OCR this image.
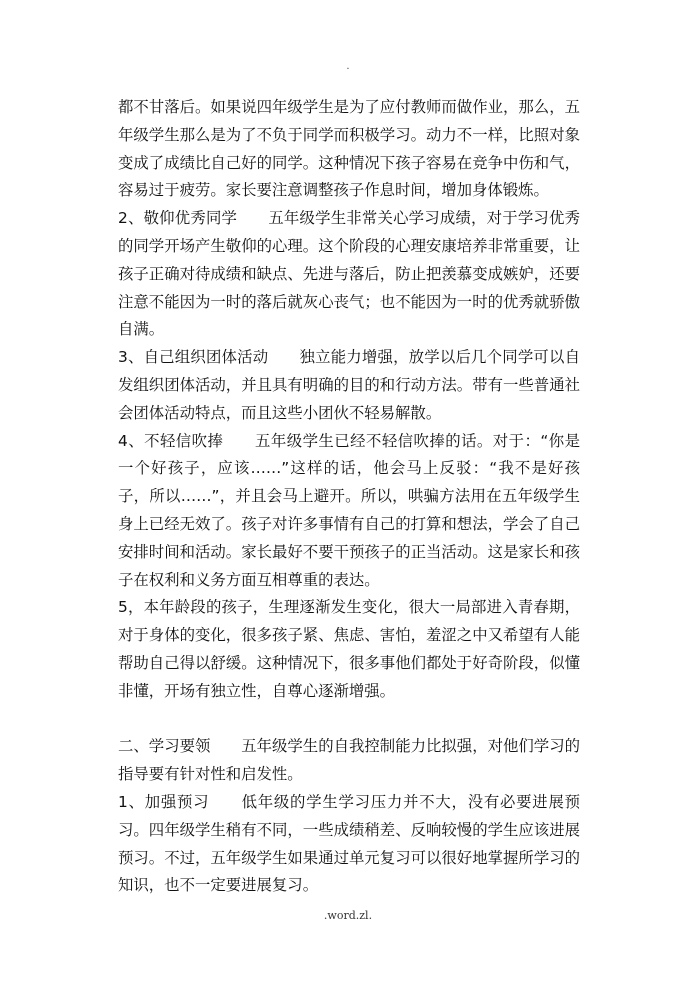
.

都不甘落后。如果说四年级学生是为了应付教师而做作业，那么，五年级学生那么是为了不负于同学而积极学习。动力不一样，比照对象变成了成绩比自己好的同学。这种情况下孩子容易在竞争中伤和气，容易过于疲劳。家长要注意调整孩子作息时间，增加身体锻炼。

2、敬仰优秀同学　　五年级学生非常关心学习成绩，对于学习优秀的同学开场产生敬仰的心理。这个阶段的心理安康培养非常重要，让孩子正确对待成绩和缺点、先进与落后，防止把羡慕变成嫉妒，还要注意不能因为一时的落后就灰心丧气；也不能因为一时的优秀就骄傲自满。

3、自己组织团体活动　　独立能力增强，放学以后几个同学可以自发组织团体活动，并且具有明确的目的和行动方法。带有一些普通社会团体活动特点，而且这些小团伙不轻易解散。

4、不轻信吹捧　　五年级学生已经不轻信吹捧的话。对于：“你是一个好孩子，应该……”这样的话，他会马上反驳：“我不是好孩子，所以……”，并且会马上避开。所以，哄骗方法用在五年级学生身上已经无效了。孩子对许多事情有自己的打算和想法，学会了自己安排时间和活动。家长最好不要干预孩子的正当活动。这是家长和孩子在权利和义务方面互相尊重的表达。

5，本年龄段的孩子，生理逐渐发生变化，很大一局部进入青春期，对于身体的变化，很多孩子紧、焦虑、害怕，羞涩之中又希望有人能帮助自己得以舒缓。这种情况下，很多事他们都处于好奇阶段，似懂非懂，开场有独立性，自尊心逐渐增强。

二、学习要领　　五年级学生的自我控制能力比拟强，对他们学习的指导要有针对性和启发性。

1、加强预习　　低年级的学生学习压力并不大，没有必要进展预习。四年级学生稍有不同，一些成绩稍差、反响较慢的学生应该进展预习。不过，五年级学生如果通过单元复习可以很好地掌握所学习的知识，也不一定要进展复习。

.word.zl.
